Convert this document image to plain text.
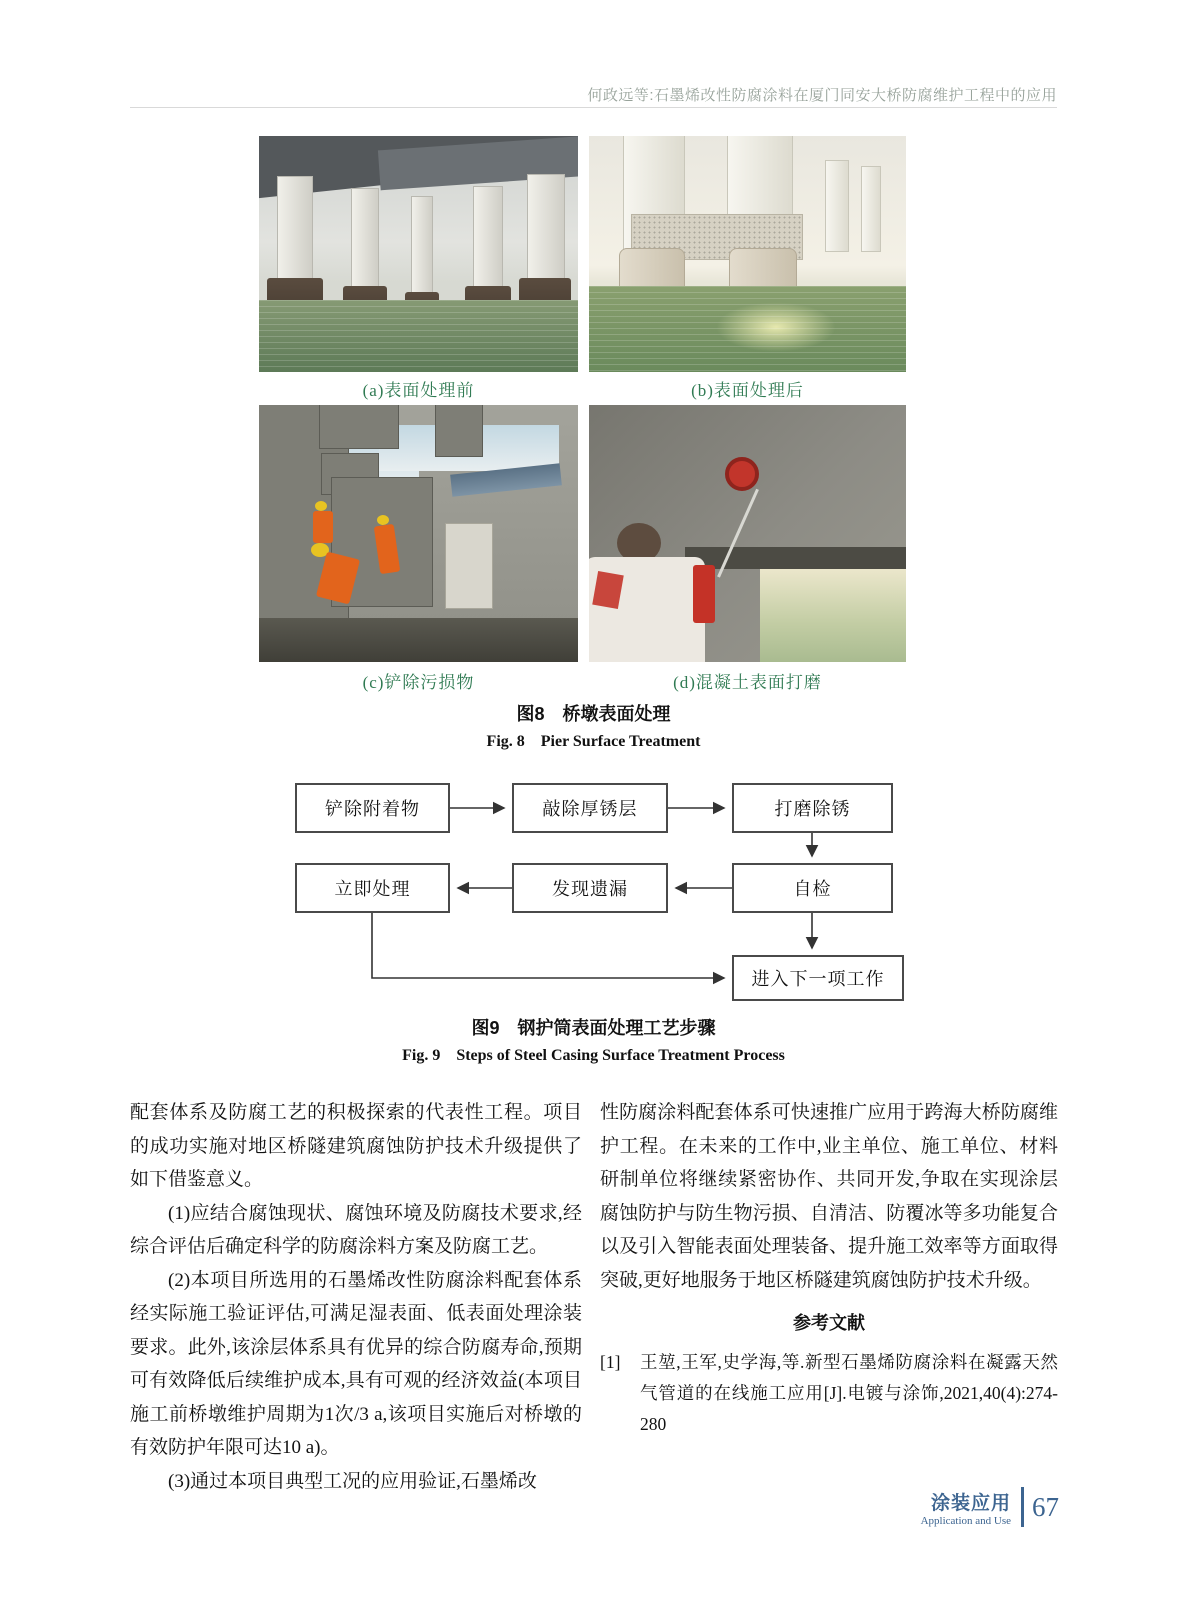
何政远等:石墨烯改性防腐涂料在厦门同安大桥防腐维护工程中的应用
(a)表面处理前	(b)表面处理后
(c)铲除污损物	(d)混凝土表面打磨
图8　桥墩表面处理
Fig. 8　Pier Surface Treatment
铲除附着物	敲除厚锈层	打磨除锈
立即处理	发现遗漏	自检
进入下一项工作
图9　钢护筒表面处理工艺步骤
Fig. 9　Steps of Steel Casing Surface Treatment Process

配套体系及防腐工艺的积极探索的代表性工程。项目的成功实施对地区桥隧建筑腐蚀防护技术升级提供了如下借鉴意义。

(1)应结合腐蚀现状、腐蚀环境及防腐技术要求,经综合评估后确定科学的防腐涂料方案及防腐工艺。

(2)本项目所选用的石墨烯改性防腐涂料配套体系经实际施工验证评估,可满足湿表面、低表面处理涂装要求。此外,该涂层体系具有优异的综合防腐寿命,预期可有效降低后续维护成本,具有可观的经济效益(本项目施工前桥墩维护周期为1次/3 a,该项目实施后对桥墩的有效防护年限可达10 a)。

(3)通过本项目典型工况的应用验证,石墨烯改

性防腐涂料配套体系可快速推广应用于跨海大桥防腐维护工程。在未来的工作中,业主单位、施工单位、材料研制单位将继续紧密协作、共同开发,争取在实现涂层腐蚀防护与防生物污损、自清洁、防覆冰等多功能复合以及引入智能表面处理装备、提升施工效率等方面取得突破,更好地服务于地区桥隧建筑腐蚀防护技术升级。

参考文献
[1]	王堃,王军,史学海,等.新型石墨烯防腐涂料在凝露天然气管道的在线施工应用[J].电镀与涂饰,2021,40(4):274-280
涂装应用
Application and Use 67
